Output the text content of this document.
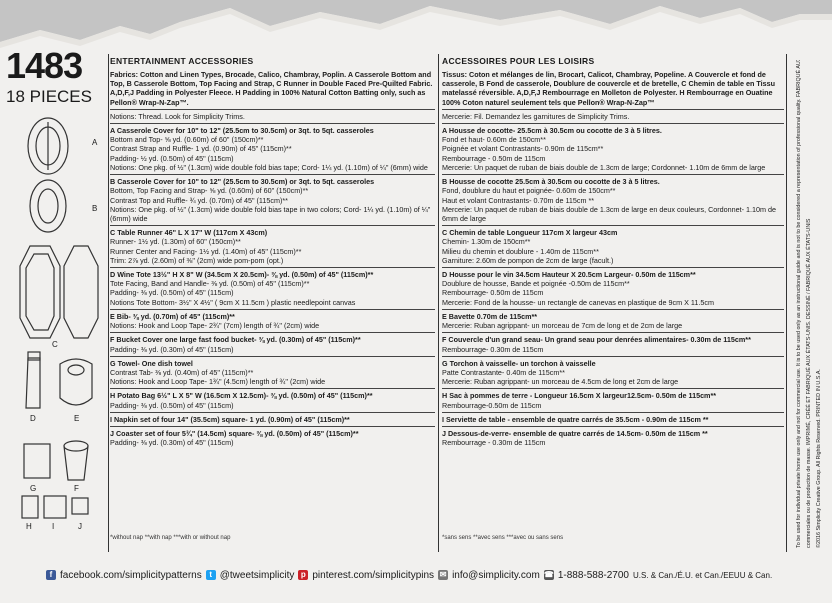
1483
18 PIECES
A
B
C
D	E
F
G
H	I	J
ENTERTAINMENT ACCESSORIES
Fabrics: Cotton and Linen Types, Brocade, Calico, Chambray, Poplin. A Casserole Bottom and Top, B Casserole Bottom, Top Facing and Strap, C Runner in Double Faced Pre-Quilted Fabric. A,D,F,J Padding in Polyester Fleece. H Padding in 100% Natural Cotton Batting only, such as Pellon® Wrap-N-Zap™.
Notions: Thread. Look for Simplicity Trims.
A Casserole Cover for 10" to 12" (25.5cm to 30.5cm) or 3qt. to 5qt. casseroles
Bottom and Top- ⅝ yd. (0.60m) of 60" (150cm)**
Contrast Strap and Ruffle- 1 yd. (0.90m) of 45" (115cm)**
Padding- ½ yd. (0.50m) of 45" (115cm)
Notions: One pkg. of ½" (1.3cm) wide double fold bias tape; Cord- 1¼ yd. (1.10m) of ¼" (6mm) wide
B Casserole Cover for 10" to 12" (25.5cm to 30.5cm) or 3qt. to 5qt. casseroles
Bottom, Top Facing and Strap- ⅝ yd. (0.60m) of 60" (150cm)**
Contrast Top and Ruffle- ¾ yd. (0.70m) of 45" (115cm)**
Notions: One pkg. of ½" (1.3cm) wide double fold bias tape in two colors; Cord- 1¼ yd. (1.10m) of ¼" (6mm) wide
C Table Runner 46" L X 17" W (117cm X 43cm)
Runner- 1½ yd. (1.30m) of 60" (150cm)**
Runner Center and Facing- 1½ yd. (1.40m) of 45" (115cm)**
Trim: 2⅞ yd. (2.60m) of ⅜" (2cm) wide pom-pom (opt.)
D Wine Tote 13½" H X 8" W (34.5cm X 20.5cm)- ⅜ yd. (0.50m) of 45" (115cm)**
Tote Facing, Band and Handle- ⅜ yd. (0.50m) of 45" (115cm)**
Padding- ⅜ yd. (0.50m) of 45" (115cm)
Notions Tote Bottom- 3½" X 4½" ( 9cm X 11.5cm ) plastic needlepoint canvas
E Bib- ⅜ yd. (0.70m) of 45" (115cm)**
Notions: Hook and Loop Tape- 2¾" (7cm) length of ¾" (2cm) wide
F Bucket Cover one large fast food bucket- ⅜ yd. (0.30m) of 45" (115cm)**
Padding- ⅜ yd. (0.30m) of 45" (115cm)
G Towel- One dish towel
Contrast Tab- ⅜ yd. (0.40m) of 45" (115cm)**
Notions: Hook and Loop Tape- 1¾" (4.5cm) length of ¾" (2cm) wide
H Potato Bag 6½" L X 5" W (16.5cm X 12.5cm)- ⅜ yd. (0.50m) of 45" (115cm)**
Padding- ⅜ yd. (0.50m) of 45" (115cm)
I Napkin set of four 14" (35.5cm) square- 1 yd. (0.90m) of 45" (115cm)**
J Coaster set of four 5¾" (14.5cm) square- ⅜ yd. (0.50m) of 45" (115cm)**
Padding- ⅜ yd. (0.30m) of 45" (115cm)
*without nap **with nap ***with or without nap
ACCESSOIRES POUR LES LOISIRS
Tissus: Coton et mélanges de lin, Brocart, Calicot, Chambray, Popeline. A Couvercle et fond de casserole, B Fond de casserole, Doublure de couvercle et de bretelle, C Chemin de table en Tissu matelassé réversible. A,D,F,J Rembourrage en Molleton de Polyester. H Rembourrage en Ouatine 100% Coton naturel seulement tels que Pellon® Wrap-N-Zap™
Mercerie: Fil. Demandez les garnitures de Simplicity Trims.
A Housse de cocotte- 25.5cm à 30.5cm ou cocotte de 3 à 5 litres.
Fond et haut- 0.60m de 150cm**
Poignée et volant Contrastants- 0.90m de 115cm**
Rembourrage - 0.50m de 115cm
Mercerie: Un paquet de ruban de biais double de 1.3cm de large; Cordonnet- 1.10m de 6mm de large
B Housse de cocotte 25.5cm à 30.5cm ou cocotte de 3 à 5 litres.
Fond, doublure du haut et poignée- 0.60m de 150cm**
Haut et volant Contrastants- 0.70m de 115cm **
Mercerie: Un paquet de ruban de biais double de 1.3cm de large en deux couleurs, Cordonnet- 1.10m de 6mm de large
C Chemin de table Longueur 117cm X largeur 43cm
Chemin- 1.30m de 150cm**
Milieu du chemin et doublure - 1.40m de 115cm**
Garniture: 2.60m de pompon de 2cm de large (facult.)
D Housse pour le vin 34.5cm Hauteur X 20.5cm Largeur- 0.50m de 115cm**
Doublure de housse, Bande et poignée -0.50m de 115cm**
Rembourrage- 0.50m de 115cm
Mercerie: Fond de la housse- un rectangle de canevas en plastique de 9cm X 11.5cm
E Bavette 0.70m de 115cm**
Mercerie: Ruban agrippant- un morceau de 7cm de long et de 2cm de large
F Couvercle d'un grand seau- Un grand seau pour denrées alimentaires- 0.30m de 115cm**
Rembourrage- 0.30m de 115cm
G Torchon à vaisselle- un torchon à vaisselle
Patte Contrastante- 0.40m de 115cm**
Mercerie: Ruban agrippant- un morceau de 4.5cm de long et 2cm de large
H Sac à pommes de terre - Longueur 16.5cm X largeur12.5cm- 0.50m de 115cm**
Rembourrage-0.50m de 115cm
I Serviette de table - ensemble de quatre carrés de 35.5cm - 0.90m de 115cm **
J Dessous-de-verre- ensemble de quatre carrés de 14.5cm- 0.50m de 115cm **
Rembourrage - 0.30m de 115cm
*sans sens **avec sens ***avec ou sans sens	To be used for individual private home use only and not for commercial use. It is to be used only as an instructional guide and is not to be considered a representation of professional quality. FABRIQUÉ AUX ÉTATS-UNIS commerciales ou de production de masse. IMPRIMÉ, CRÉÉ ET FABRIQUÉ AUX ÉTATS-UNIS. DESSINÉ / FABRIQUÉ AUX ÉTATS-UNIS ©2016 Simplicity Creative Group. All Rights Reserved. PRINTED IN U.S.A.
f facebook.com/simplicitypatterns t @tweetsimplicity p pinterest.com/simplicitypins ✉ info@simplicity.com ☎ 1-888-588-2700 U.S. & Can./É.U. et Can./EEUU & Can.
